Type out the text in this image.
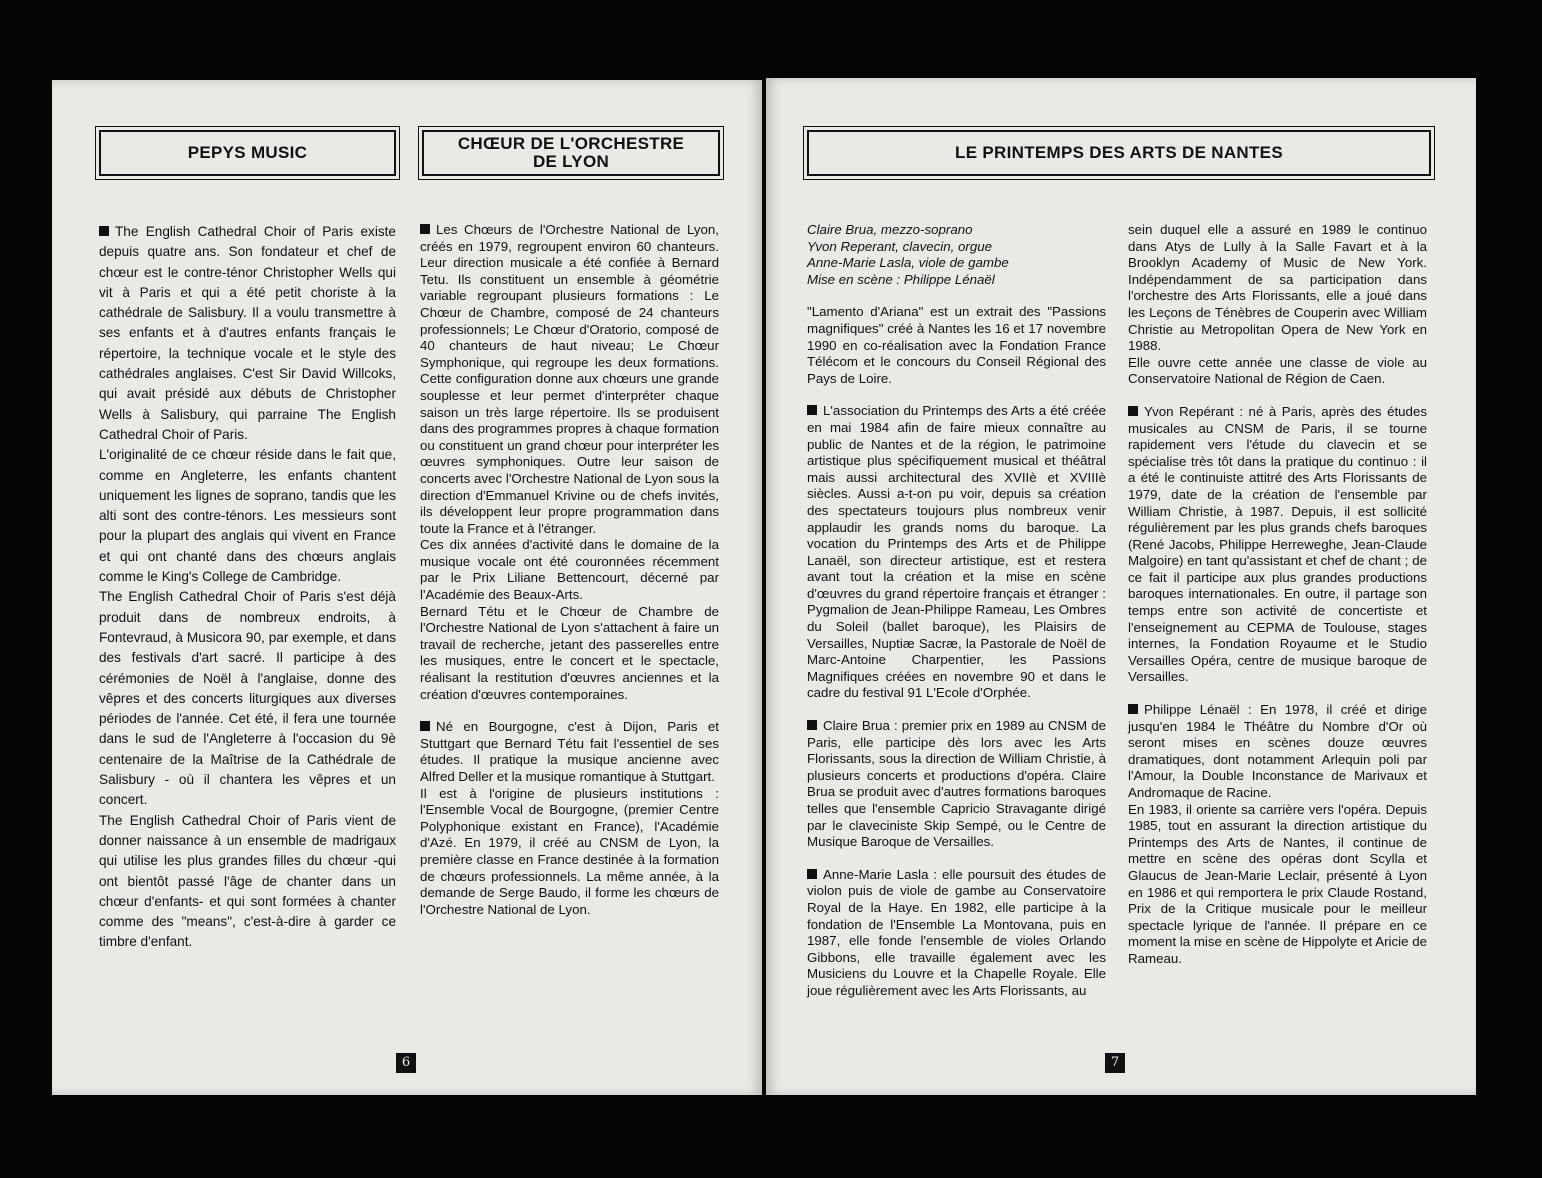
PEPYS MUSIC	CHŒUR DE L'ORCHESTRE
DE LYON

The English Cathedral Choir of Paris existe depuis quatre ans. Son fondateur et chef de chœur est le contre-ténor Christopher Wells qui vit à Paris et qui a été petit choriste à la cathédrale de Salisbury. Il a voulu transmettre à ses enfants et à d'autres enfants français le répertoire, la technique vocale et le style des cathédrales anglaises. C'est Sir David Willcoks, qui avait présidé aux débuts de Christopher Wells à Salisbury, qui parraine The English Cathedral Choir of Paris.

L'originalité de ce chœur réside dans le fait que, comme en Angleterre, les enfants chantent uniquement les lignes de soprano, tandis que les alti sont des contre-ténors. Les messieurs sont pour la plupart des anglais qui vivent en France et qui ont chanté dans des chœurs anglais comme le King's College de Cambridge.

The English Cathedral Choir of Paris s'est déjà produit dans de nombreux endroits, à Fontevraud, à Musicora 90, par exemple, et dans des festivals d'art sacré. Il participe à des cérémonies de Noël à l'anglaise, donne des vêpres et des concerts liturgiques aux diverses périodes de l'année. Cet été, il fera une tournée dans le sud de l'Angleterre à l'occasion du 9è centenaire de la Maîtrise de la Cathédrale de Salisbury - où il chantera les vêpres et un concert.

The English Cathedral Choir of Paris vient de donner naissance à un ensemble de madrigaux qui utilise les plus grandes filles du chœur -qui ont bientôt passé l'âge de chanter dans un chœur d'enfants- et qui sont formées à chanter comme des "means", c'est-à-dire à garder ce timbre d'enfant.

Les Chœurs de l'Orchestre National de Lyon, créés en 1979, regroupent environ 60 chanteurs. Leur direction musicale a été confiée à Bernard Tetu. Ils constituent un ensemble à géométrie variable regroupant plusieurs formations : Le Chœur de Chambre, composé de 24 chanteurs professionnels; Le Chœur d'Oratorio, composé de 40 chanteurs de haut niveau; Le Chœur Symphonique, qui regroupe les deux formations. Cette configuration donne aux chœurs une grande souplesse et leur permet d'interpréter chaque saison un très large répertoire. Ils se produisent dans des programmes propres à chaque formation ou constituent un grand chœur pour interpréter les œuvres symphoniques. Outre leur saison de concerts avec l'Orchestre National de Lyon sous la direction d'Emmanuel Krivine ou de chefs invités, ils développent leur propre programmation dans toute la France et à l'étranger.

Ces dix années d'activité dans le domaine de la musique vocale ont été couronnées récemment par le Prix Liliane Bettencourt, décerné par l'Académie des Beaux-Arts.

Bernard Tétu et le Chœur de Chambre de l'Orchestre National de Lyon s'attachent à faire un travail de recherche, jetant des passerelles entre les musiques, entre le concert et le spectacle, réalisant la restitution d'œuvres anciennes et la création d'œuvres contemporaines.

Né en Bourgogne, c'est à Dijon, Paris et Stuttgart que Bernard Tétu fait l'essentiel de ses études. Il pratique la musique ancienne avec Alfred Deller et la musique romantique à Stuttgart.

Il est à l'origine de plusieurs institutions : l'Ensemble Vocal de Bourgogne, (premier Centre Polyphonique existant en France), l'Académie d'Azé. En 1979, il créé au CNSM de Lyon, la première classe en France destinée à la formation de chœurs professionnels. La même année, à la demande de Serge Baudo, il forme les chœurs de l'Orchestre National de Lyon.

6
LE PRINTEMPS DES ARTS DE NANTES

Claire Brua, mezzo-soprano

Yvon Reperant, clavecin, orgue

Anne-Marie Lasla, viole de gambe

Mise en scène : Philippe Lénaël

"Lamento d'Ariana" est un extrait des "Passions magnifiques" créé à Nantes les 16 et 17 novembre 1990 en co-réalisation avec la Fondation France Télécom et le concours du Conseil Régional des Pays de Loire.

L'association du Printemps des Arts a été créée en mai 1984 afin de faire mieux connaître au public de Nantes et de la région, le patrimoine artistique plus spécifiquement musical et théâtral mais aussi architectural des XVIIè et XVIIIè siècles. Aussi a-t-on pu voir, depuis sa création des spectateurs toujours plus nombreux venir applaudir les grands noms du baroque. La vocation du Printemps des Arts et de Philippe Lanaël, son directeur artistique, est et restera avant tout la création et la mise en scène d'œuvres du grand répertoire français et étranger : Pygmalion de Jean-Philippe Rameau, Les Ombres du Soleil (ballet baroque), les Plaisirs de Versailles, Nuptiæ Sacræ, la Pastorale de Noël de Marc-Antoine Charpentier, les Passions Magnifiques créées en novembre 90 et dans le cadre du festival 91 L'Ecole d'Orphée.

Claire Brua : premier prix en 1989 au CNSM de Paris, elle participe dès lors avec les Arts Florissants, sous la direction de William Christie, à plusieurs concerts et productions d'opéra. Claire Brua se produit avec d'autres formations baroques telles que l'ensemble Capricio Stravagante dirigé par le claveciniste Skip Sempé, ou le Centre de Musique Baroque de Versailles.

Anne-Marie Lasla : elle poursuit des études de violon puis de viole de gambe au Conservatoire Royal de la Haye. En 1982, elle participe à la fondation de l'Ensemble La Montovana, puis en 1987, elle fonde l'ensemble de violes Orlando Gibbons, elle travaille également avec les Musiciens du Louvre et la Chapelle Royale. Elle joue régulièrement avec les Arts Florissants, au

sein duquel elle a assuré en 1989 le continuo dans Atys de Lully à la Salle Favart et à la Brooklyn Academy of Music de New York. Indépendamment de sa participation dans l'orchestre des Arts Florissants, elle a joué dans les Leçons de Ténèbres de Couperin avec William Christie au Metropolitan Opera de New York en 1988.

Elle ouvre cette année une classe de viole au Conservatoire National de Région de Caen.

Yvon Repérant : né à Paris, après des études musicales au CNSM de Paris, il se tourne rapidement vers l'étude du clavecin et se spécialise très tôt dans la pratique du continuo : il a été le continuiste attitré des Arts Florissants de 1979, date de la création de l'ensemble par William Christie, à 1987. Depuis, il est sollicité régulièrement par les plus grands chefs baroques (René Jacobs, Philippe Herreweghe, Jean-Claude Malgoire) en tant qu'assistant et chef de chant ; de ce fait il participe aux plus grandes productions baroques internationales. En outre, il partage son temps entre son activité de concertiste et l'enseignement au CEPMA de Toulouse, stages internes, la Fondation Royaume et le Studio Versailles Opéra, centre de musique baroque de Versailles.

Philippe Lénaël : En 1978, il créé et dirige jusqu'en 1984 le Théâtre du Nombre d'Or où seront mises en scènes douze œuvres dramatiques, dont notamment Arlequin poli par l'Amour, la Double Inconstance de Marivaux et Andromaque de Racine.

En 1983, il oriente sa carrière vers l'opéra. Depuis 1985, tout en assurant la direction artistique du Printemps des Arts de Nantes, il continue de mettre en scène des opéras dont Scylla et Glaucus de Jean-Marie Leclair, présenté à Lyon en 1986 et qui remportera le prix Claude Rostand, Prix de la Critique musicale pour le meilleur spectacle lyrique de l'année. Il prépare en ce moment la mise en scène de Hippolyte et Aricie de Rameau.

7
